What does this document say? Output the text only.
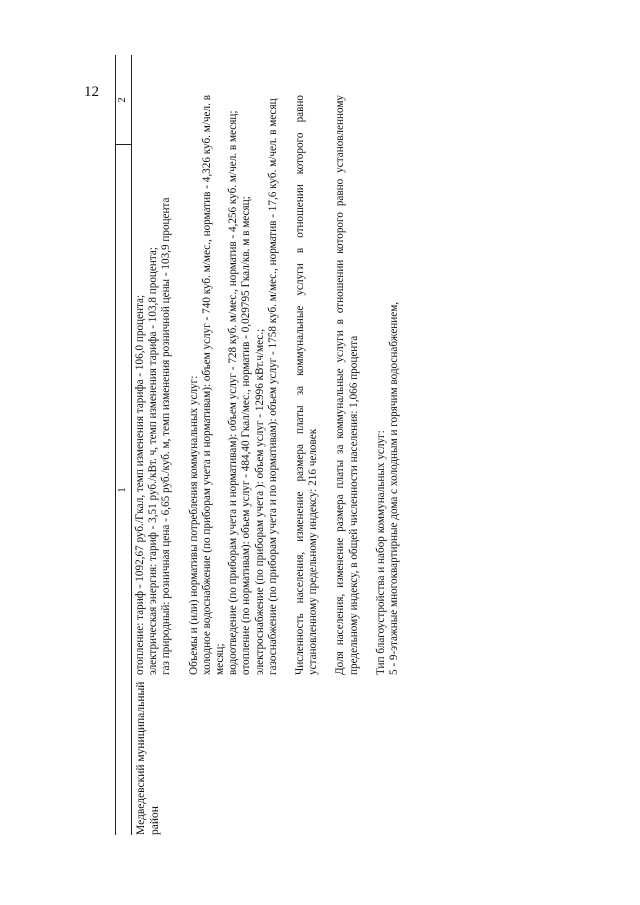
12
1
2

Медведевский муниципальный район

отопление: тариф - 1092,67 руб./Гкал, темп изменения тарифа - 106,0 процента; электрическая энергия: тариф - 3,51 руб./кВт. ч, темп изменения тарифа - 103,8 процента; газ природный: розничная цена - 6,65 руб./куб. м, темп изменения розничной цены - 103,9 процента Объемы и (или) нормативы потребления коммунальных услуг: холодное водоснабжение (по приборам учета и нормативам): объем услуг - 740 куб. м/мес., норматив - 4,326 куб. м/чел. в месяц; водоотведение (по приборам учета и нормативам): объем услуг - 728 куб. м/мес., норматив - 4,256 куб. м/чел. в месяц; отопление (по нормативам): объем услуг - 484,40 Гкал/мес., норматив - 0,029795 Гкал/кв. м в месяц; электроснабжение (по приборам учета ): объем услуг - 12996 кВт.ч/мес.; газоснабжение (по приборам учета и по нормативам): объем услуг - 1758 куб. м/мес., норматив - 17,6 куб. м/чел. в месяц Численность населения, изменение размера платы за коммунальные услуги в отношении которого равно установленному предельному индексу: 216 человек Доля населения, изменение размера платы за коммунальные услуги в отношении которого равно установленному предельному индексу, в общей численности населения: 1,066 процента Тип благоустройства и набор коммунальных услуг: 5 - 9-этажные многоквартирные дома с холодным и горячим водоснабжением,
